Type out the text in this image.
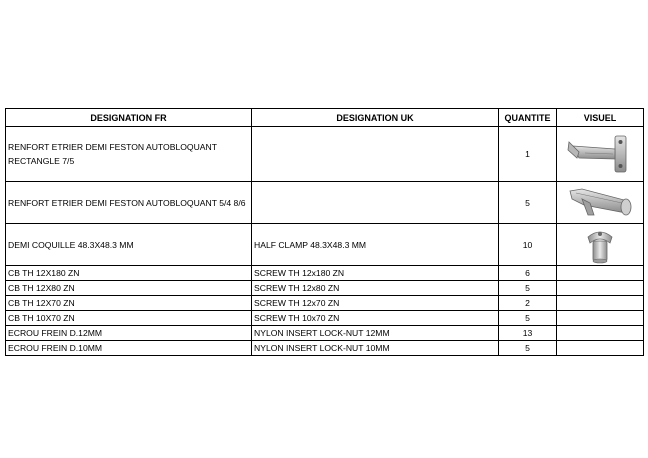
DESIGNATION FR	DESIGNATION UK	QUANTITE	VISUEL
RENFORT ETRIER DEMI FESTON AUTOBLOQUANT RECTANGLE 7/5		1	

RENFORT ETRIER DEMI FESTON AUTOBLOQUANT 5/4 8/6		5	

DEMI COQUILLE 48.3X48.3 MM	HALF CLAMP 48.3X48.3 MM	10	

CB TH 12X180 ZN	SCREW TH 12x180 ZN	6	
CB TH 12X80 ZN	SCREW TH 12x80 ZN	5	
CB TH 12X70 ZN	SCREW TH 12x70 ZN	2	
CB TH 10X70 ZN	SCREW TH 10x70 ZN	5	
ECROU FREIN D.12MM	NYLON INSERT LOCK-NUT 12MM	13	
ECROU FREIN D.10MM	NYLON INSERT LOCK-NUT 10MM	5	
